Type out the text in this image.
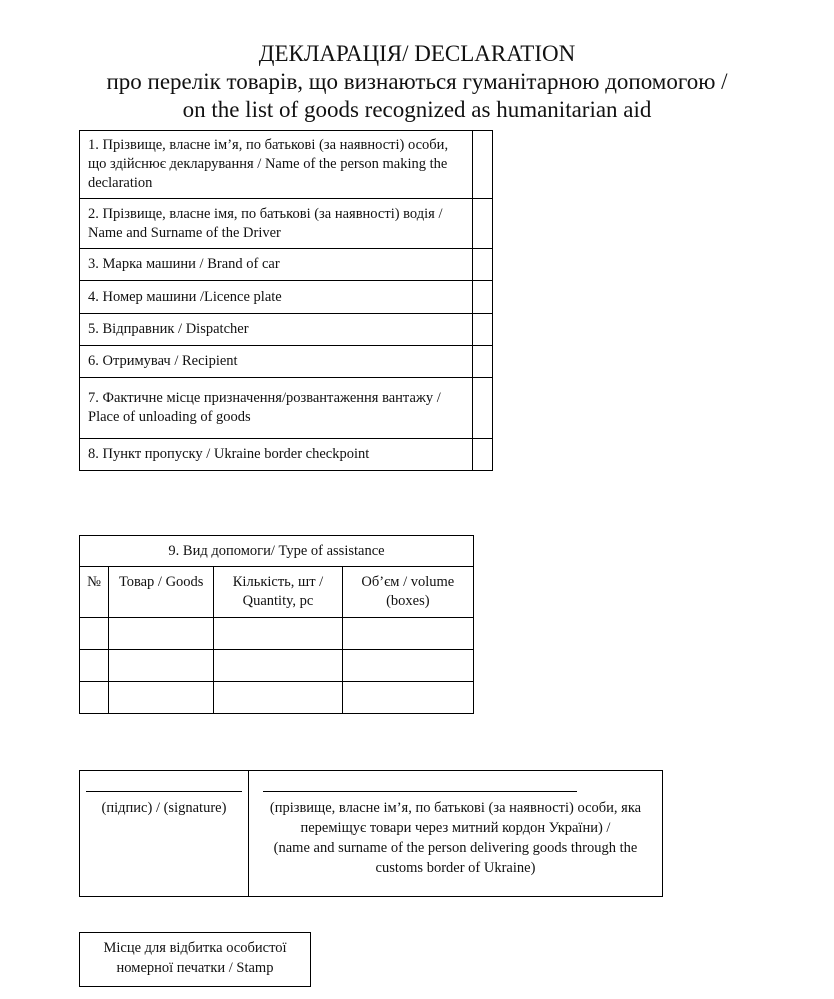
ДЕКЛАРАЦІЯ/ DECLARATION
про перелік товарів, що визнаються гуманітарною допомогою /
on the list of goods recognized as humanitarian aid
1. Прізвище, власне ім’я, по батькові (за наявності) особи, що здійснює декларування / Name of the person making the declaration	
2. Прізвище, власне імя, по батькові (за наявності) водія / Name and Surname of the Driver	
3. Марка машини / Brand of car	
4. Номер машини /Licence plate	
5. Відправник / Dispatcher	
6. Отримувач / Recipient	
7. Фактичне місце призначення/розвантаження вантажу / Place of unloading of goods	
8. Пункт пропуску / Ukraine border checkpoint	
9. Вид допомоги/ Type of assistance			
№	Товар / Goods	Кількість, шт / Quantity, pc	Об’єм / volume (boxes)

(підпис) / (signature)	(прізвище, власне ім’я, по батькові (за наявності) особи, яка переміщує товари через митний кордон України) /
(name and surname of the person delivering goods through the customs border of Ukraine)
Місце для відбитка особистої номерної печатки / Stamp
